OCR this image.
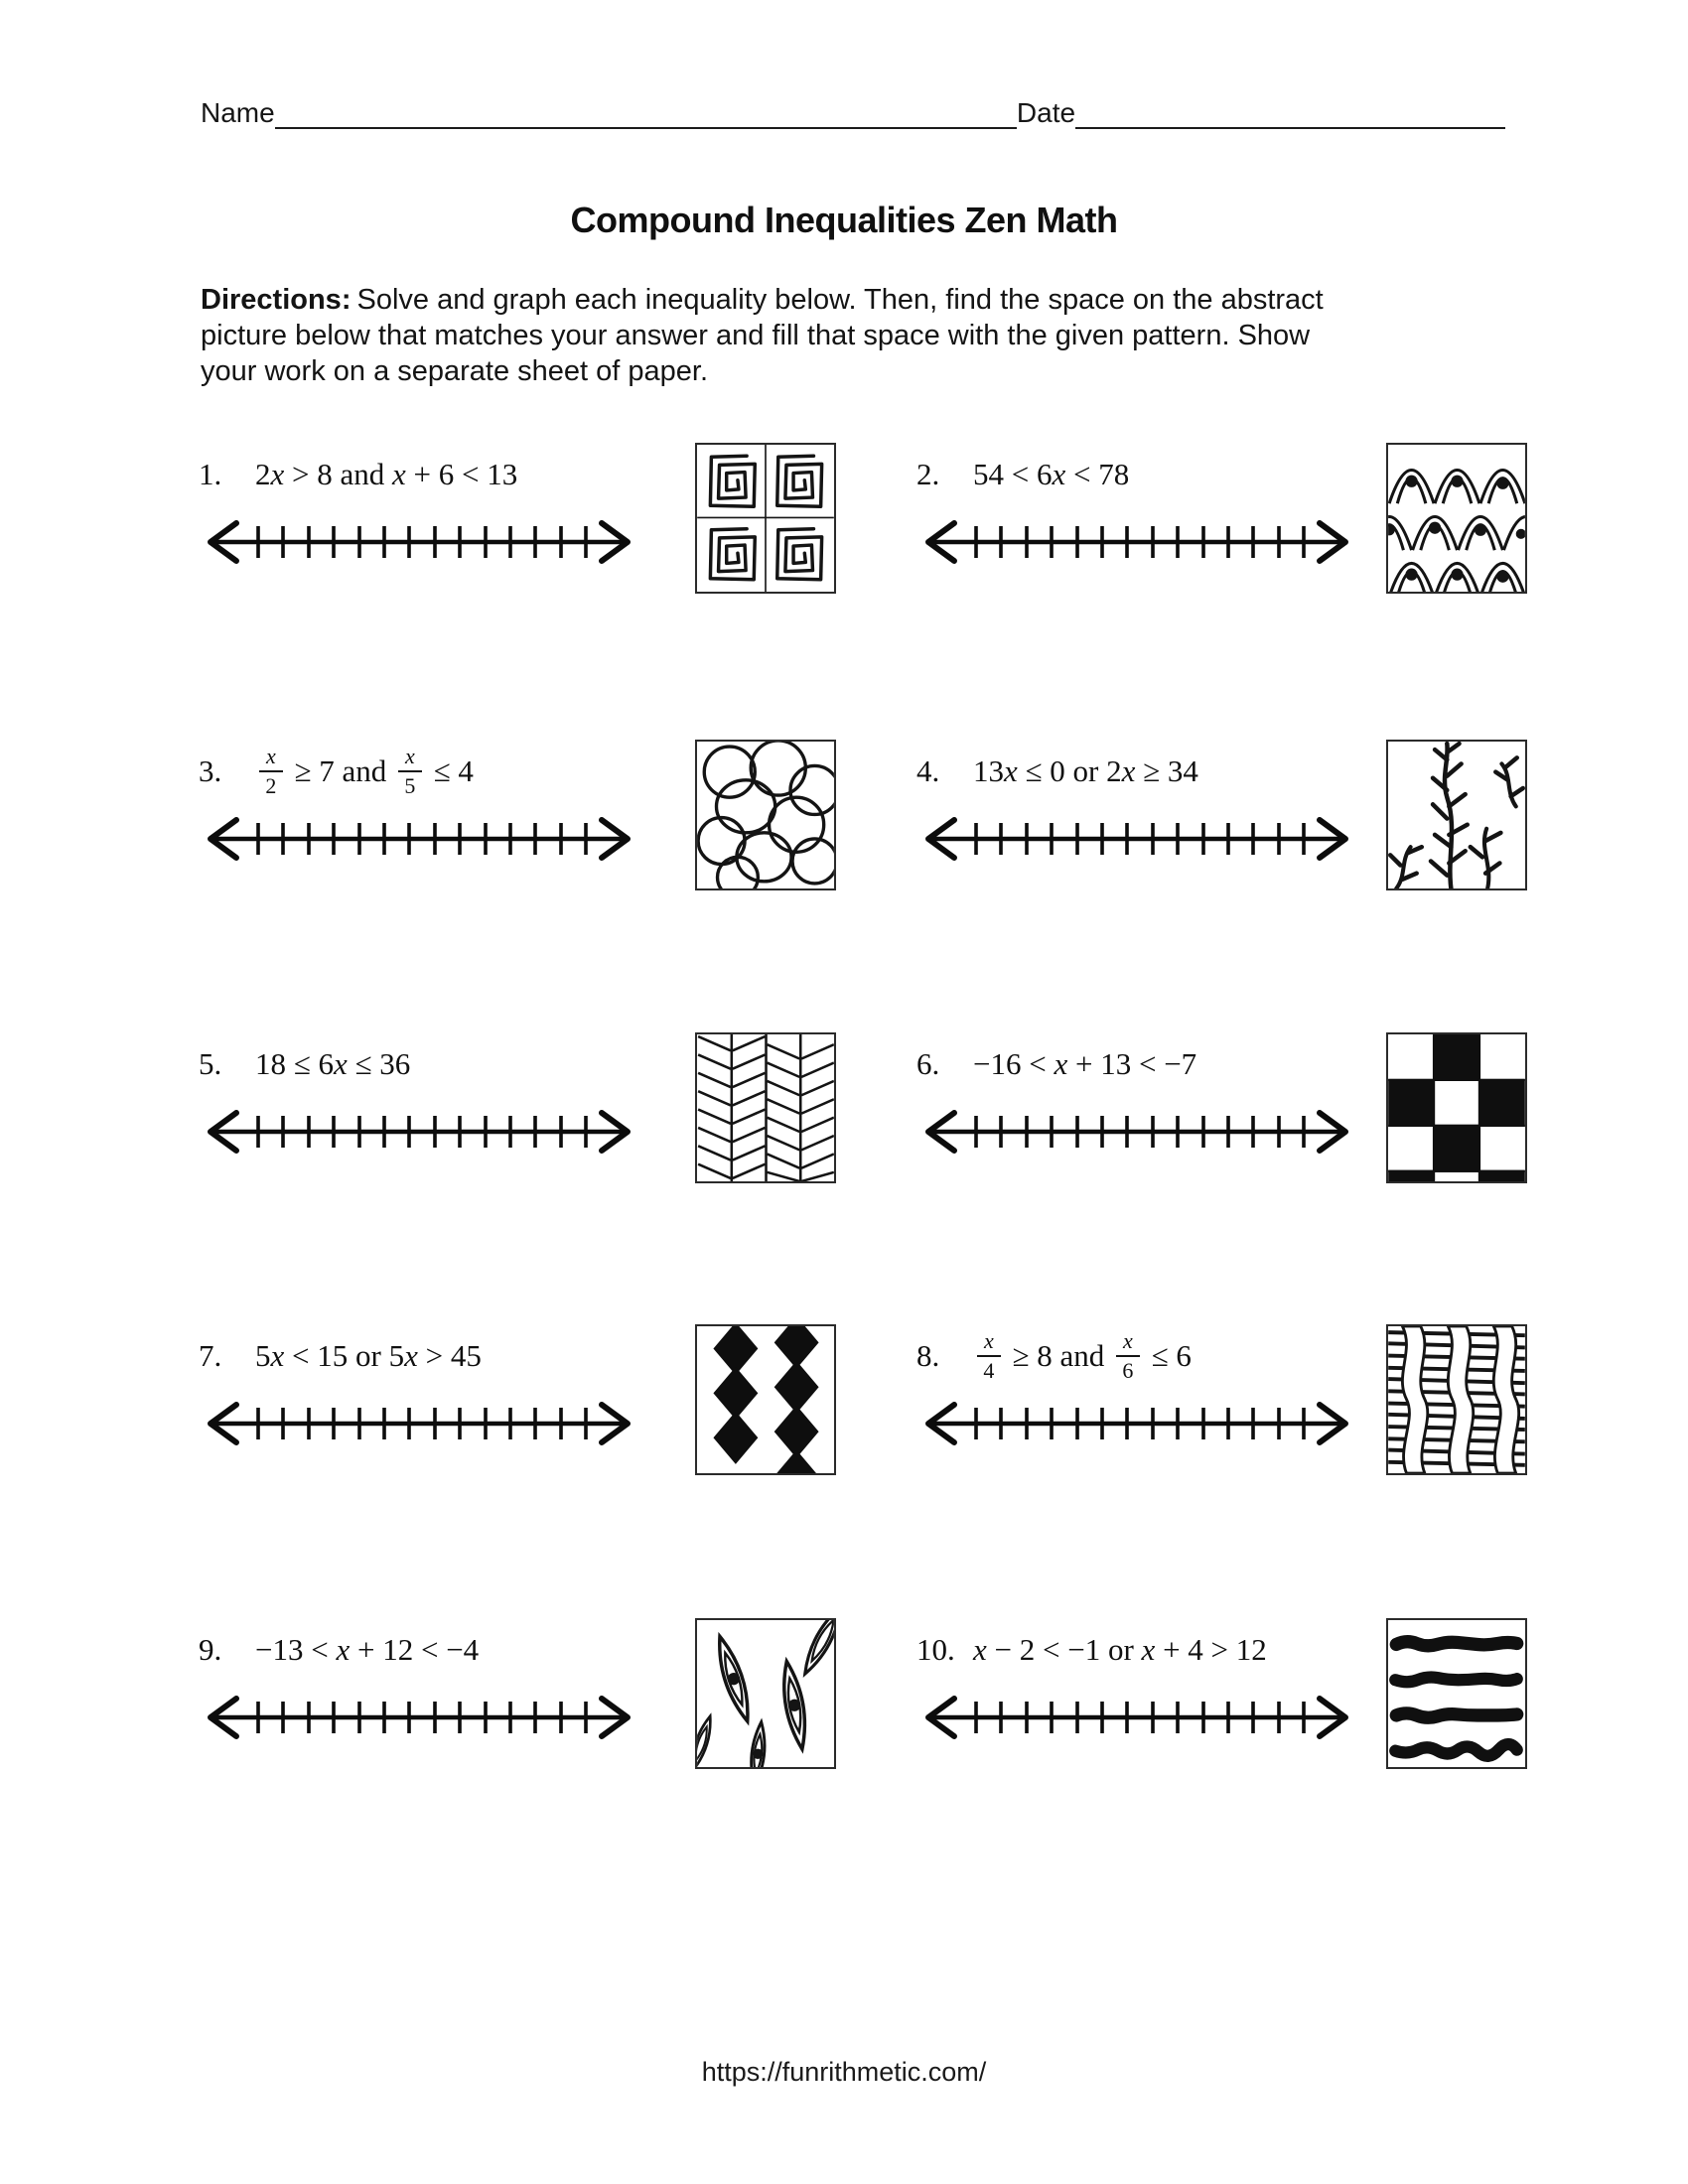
Name	Date
Compound Inequalities Zen Math

Directions: Solve and graph each inequality below. Then, find the space on the abstract
picture below that matches your answer and fill that space with the given pattern. Show
your work on a separate sheet of paper.

1.	2 x > 8 and x + 6 < 13	2.	54 < 6 x < 78
3.	$\frac{x}{2} \ge 7$ and $\frac{x}{5} \le 4$	4.	13 x ≤ 0 or 2 x ≥ 34
5.	18 ≤ 6 x ≤ 36	6.	−16 < x + 13 < −7
7.	5 x < 15 or 5 x > 45	8.	$\frac{x}{4} \ge 8$ and $\frac{x}{6} \le 6$
9.	−13 < x + 12 < −4	10. x − 2 < −1 or x + 4 > 12
https://funrithmetic.com/
